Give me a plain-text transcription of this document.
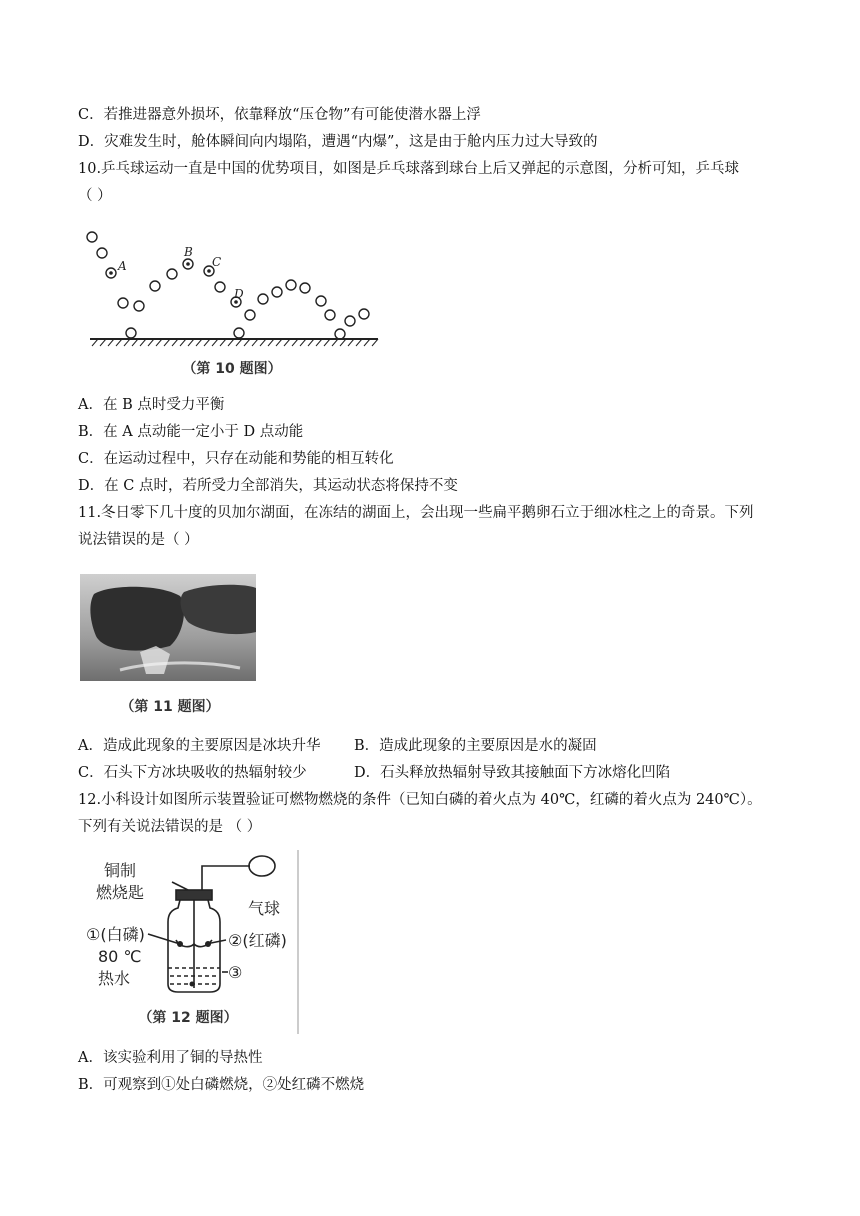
C．若推进器意外损坏，依靠释放“压仓物”有可能使潜水器上浮
D．灾难发生时，舱体瞬间向内塌陷，遭遇“内爆”，这是由于舱内压力过大导致的
10.乒乓球运动一直是中国的优势项目，如图是乒乓球落到球台上后又弹起的示意图，分析可知，乒乓球
（ ）
A
B
C
D
（第 10 题图）
A．在 B 点时受力平衡
B．在 A 点动能一定小于 D 点动能
C．在运动过程中，只存在动能和势能的相互转化
D．在 C 点时，若所受力全部消失，其运动状态将保持不变
11.冬日零下几十度的贝加尔湖面，在冻结的湖面上，会出现一些扁平鹅卵石立于细冰柱之上的奇景。下列
说法错误的是（ ）
（第 11 题图）
A．造成此现象的主要原因是冰块升华 B．造成此现象的主要原因是水的凝固
C．石头下方冰块吸收的热辐射较少	D．石头释放热辐射导致其接触面下方冰熔化凹陷
12.小科设计如图所示装置验证可燃物燃烧的条件（已知白磷的着火点为 40℃，红磷的着火点为 240℃）。
下列有关说法错误的是 （ ）
铜制
燃烧匙
气球
①(白磷)	②(红磷)
80 ℃
热水	③
（第 12 题图）
A．该实验利用了铜的导热性
B．可观察到①处白磷燃烧，②处红磷不燃烧
